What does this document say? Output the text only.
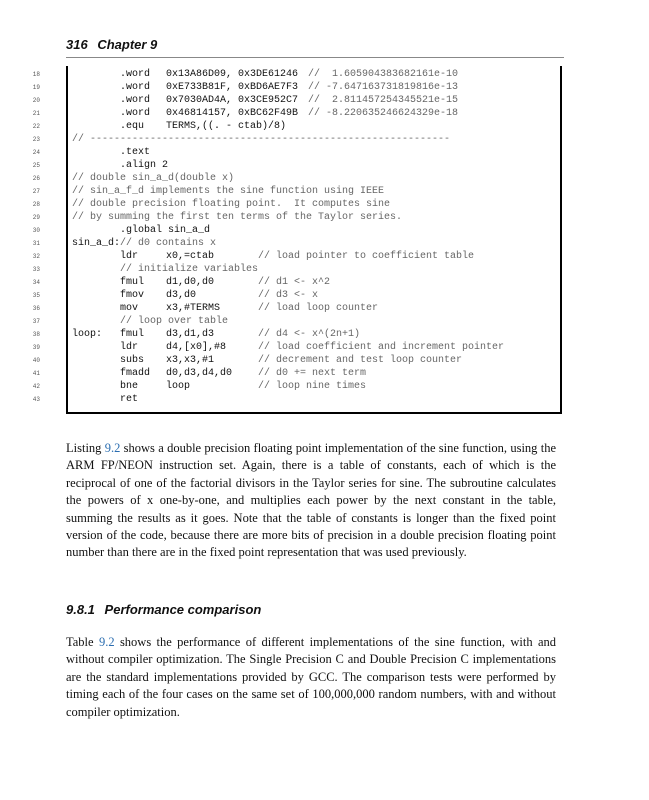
316 Chapter 9
18	.word 0x13A86D09, 0x3DE61246 //  1.605904383682161e-10
19	.word 0xE733B81F, 0xBD6AE7F3 // -7.647163731819816e-13
20	.word 0x7030AD4A, 0x3CE952C7 //  2.811457254345521e-15
21	.word 0x46814157, 0xBC62F49B // -8.220635246624329e-18
22	.equ TERMS,((. - ctab)/8)
23	// ------------------------------------------------------------
24	.text
25	.align 2
26	// double sin_a_d(double x)
27	// sin_a_f_d implements the sine function using IEEE
28	// double precision floating point.  It computes sine
29	// by summing the first ten terms of the Taylor series.
30	.global sin_a_d
31	sin_a_d: // d0 contains x
32	ldr	x0,=ctab	// load pointer to coefficient table
33	// initialize variables
34	fmul d1,d0,d0	// d1 <- x^2
35	fmov d3,d0	// d3 <- x
36	mov	x3,#TERMS	// load loop counter
37	// loop over table
38	loop: fmul d3,d1,d3	// d4 <- x^(2n+1)
39	ldr	d4,[x0],#8	// load coefficient and increment pointer
40	subs x3,x3,#1	// decrement and test loop counter
41	fmadd d0,d3,d4,d0	// d0 += next term
42	bne	loop	// loop nine times
43	ret
Listing 9.2 shows a double precision floating point implementation of the sine function, using the ARM FP/NEON instruction set. Again, there is a table of constants, each of which is the reciprocal of one of the factorial divisors in the Taylor series for sine. The subroutine calculates the powers of x one-by-one, and multiplies each power by the next constant in the table, summing the results as it goes. Note that the table of constants is longer than the fixed point version of the code, because there are more bits of precision in a double precision floating point number than there are in the fixed point representation that was used previously.
9.8.1 Performance comparison
Table 9.2 shows the performance of different implementations of the sine function, with and without compiler optimization. The Single Precision C and Double Precision C implementations are the standard implementations provided by GCC. The comparison tests were performed by timing each of the four cases on the same set of 100,000,000 random numbers, with and without compiler optimization.
